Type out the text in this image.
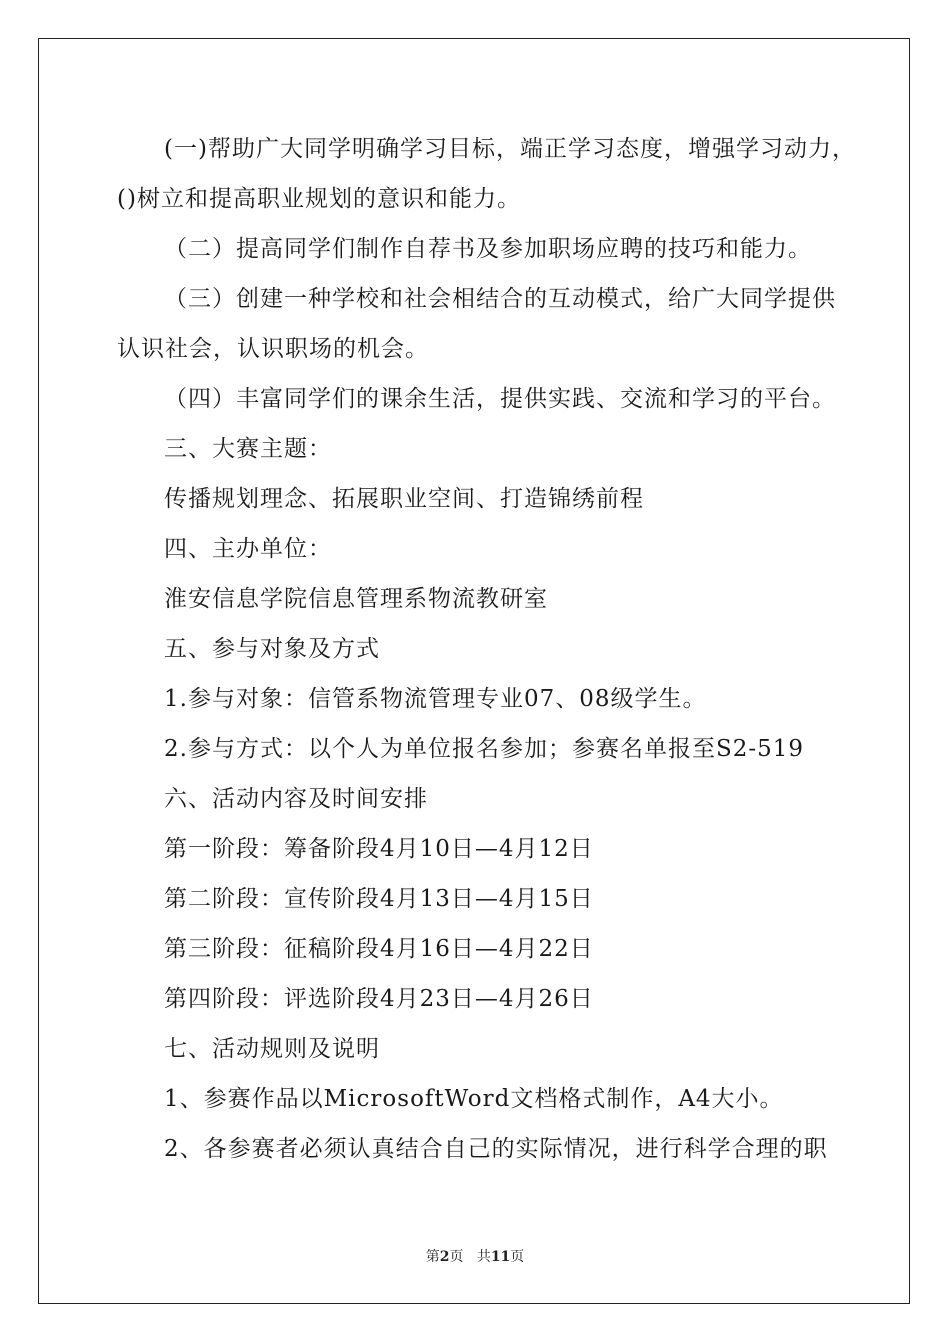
(一)帮助广大同学明确学习目标，端正学习态度，增强学习动力，
()树立和提高职业规划的意识和能力。
（二）提高同学们制作自荐书及参加职场应聘的技巧和能力。
（三）创建一种学校和社会相结合的互动模式，给广大同学提供
认识社会，认识职场的机会。
（四）丰富同学们的课余生活，提供实践、交流和学习的平台。
三、大赛主题：
传播规划理念、拓展职业空间、打造锦绣前程
四、主办单位：
淮安信息学院信息管理系物流教研室
五、参与对象及方式
1.参与对象：信管系物流管理专业07、08级学生。
2.参与方式：以个人为单位报名参加；参赛名单报至S2-519
六、活动内容及时间安排
第一阶段：筹备阶段4月10日—4月12日
第二阶段：宣传阶段4月13日—4月15日
第三阶段：征稿阶段4月16日—4月22日
第四阶段：评选阶段4月23日—4月26日
七、活动规则及说明
1、参赛作品以MicrosoftWord文档格式制作，A4大小。
2、各参赛者必须认真结合自己的实际情况，进行科学合理的职
第2页 共11页
